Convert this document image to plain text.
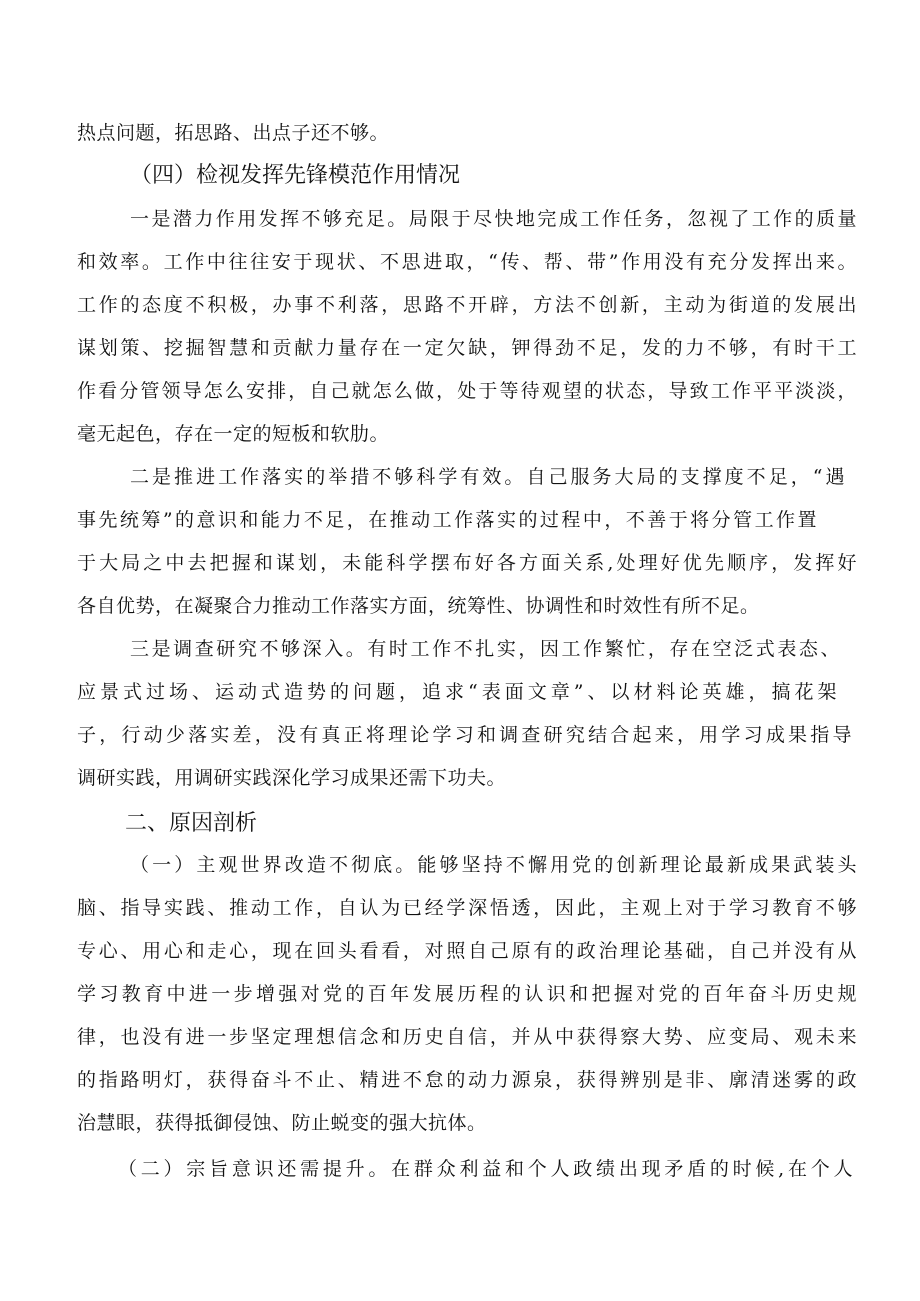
热点问题，拓思路、出点子还不够。
（四）检视发挥先锋模范作用情况
一是潜力作用发挥不够充足。局限于尽快地完成工作任务，忽视了工作的质量
和效率。工作中往往安于现状、不思进取，“传、帮、带”作用没有充分发挥出来。
工作的态度不积极，办事不利落，思路不开辟，方法不创新，主动为街道的发展出
谋划策、挖掘智慧和贡献力量存在一定欠缺，钾得劲不足，发的力不够，有时干工
作看分管领导怎么安排，自己就怎么做，处于等待观望的状态，导致工作平平淡淡，
毫无起色，存在一定的短板和软肋。
二是推进工作落实的举措不够科学有效。自己服务大局的支撑度不足，“遇
事先统筹”的意识和能力不足，在推动工作落实的过程中，不善于将分管工作置
于大局之中去把握和谋划，未能科学摆布好各方面关系,处理好优先顺序，发挥好
各自优势，在凝聚合力推动工作落实方面，统筹性、协调性和时效性有所不足。
三是调查研究不够深入。有时工作不扎实，因工作繁忙，存在空泛式表态、
应景式过场、运动式造势的问题，追求“表面文章”、以材料论英雄，搞花架
子，行动少落实差，没有真正将理论学习和调查研究结合起来，用学习成果指导
调研实践，用调研实践深化学习成果还需下功夫。
二、原因剖析
（一）主观世界改造不彻底。能够坚持不懈用党的创新理论最新成果武装头
脑、指导实践、推动工作，自认为已经学深悟透，因此，主观上对于学习教育不够
专心、用心和走心，现在回头看看，对照自己原有的政治理论基础，自己并没有从
学习教育中进一步增强对党的百年发展历程的认识和把握对党的百年奋斗历史规
律，也没有进一步坚定理想信念和历史自信，并从中获得察大势、应变局、观未来
的指路明灯，获得奋斗不止、精进不怠的动力源泉，获得辨别是非、廓清迷雾的政
治慧眼，获得抵御侵蚀、防止蜕变的强大抗体。
（二）宗旨意识还需提升。在群众利益和个人政绩出现矛盾的时候,在个人
